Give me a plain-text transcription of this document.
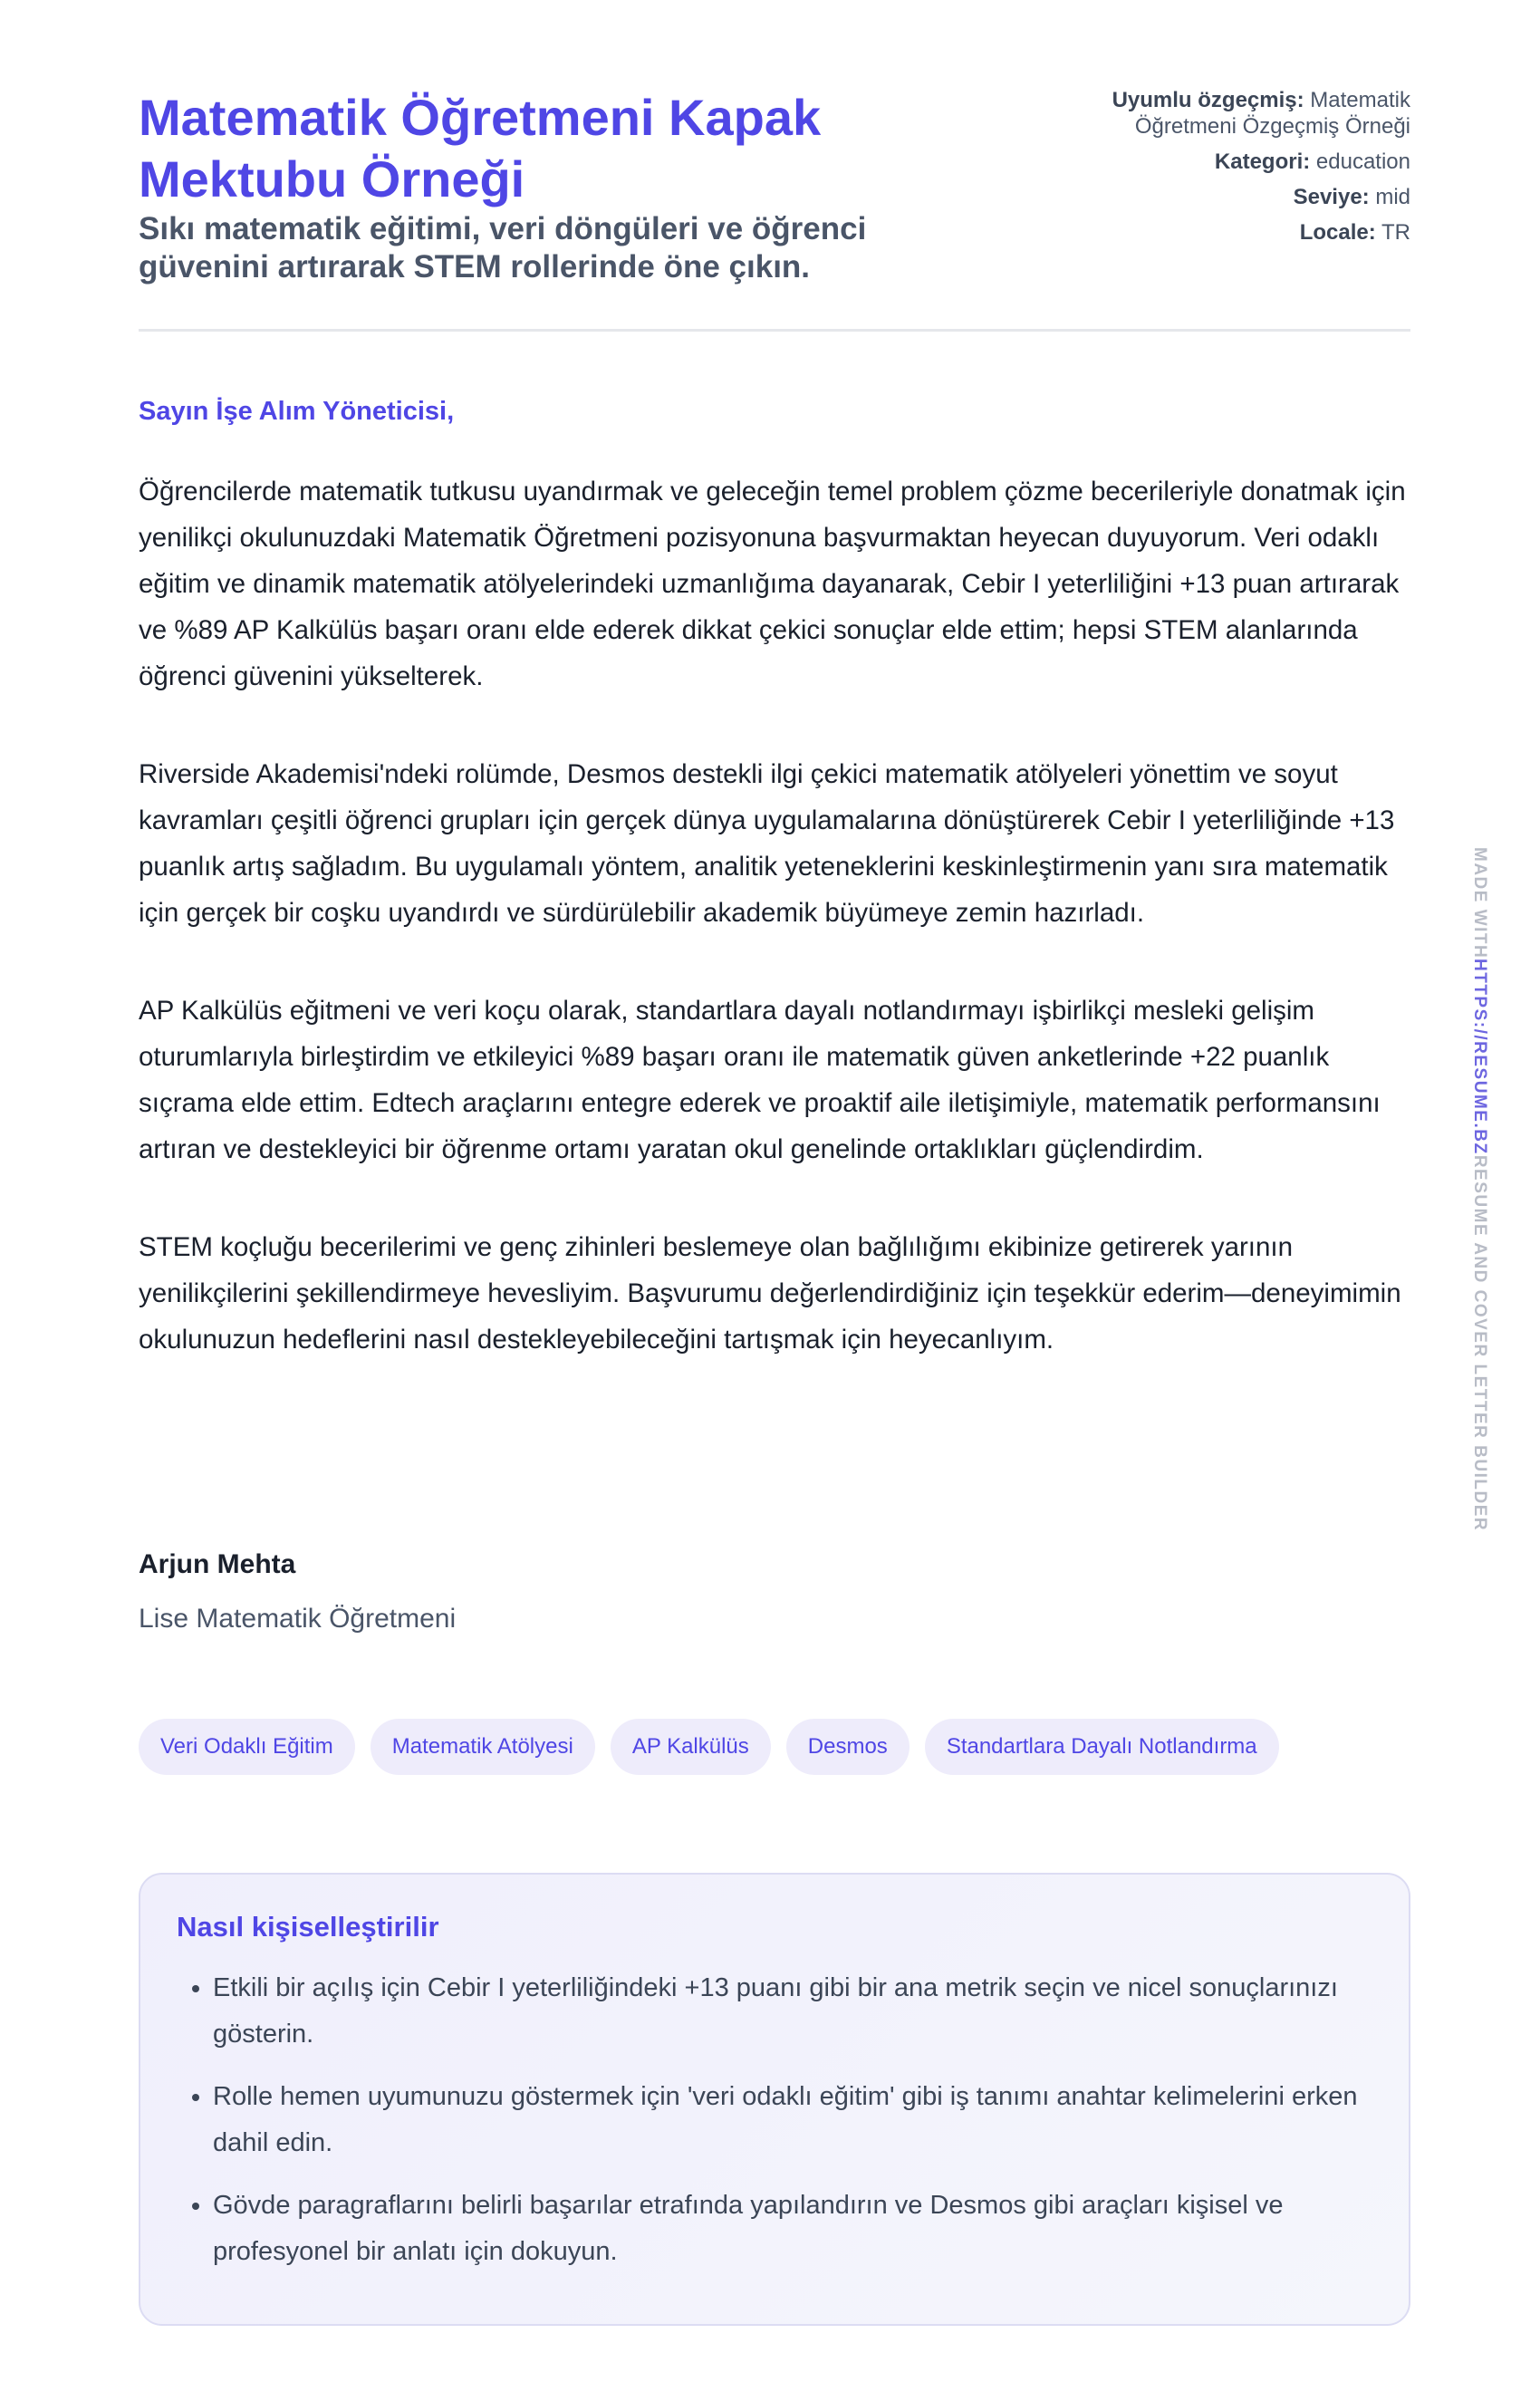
Matematik Öğretmeni Kapak Mektubu Örneği
Sıkı matematik eğitimi, veri döngüleri ve öğrenci güvenini artırarak STEM rollerinde öne çıkın.
Uyumlu özgeçmiş: Matematik Öğretmeni Özgeçmiş Örneği
Kategori: education
Seviye: mid
Locale: TR
Sayın İşe Alım Yöneticisi,

Öğrencilerde matematik tutkusu uyandırmak ve geleceğin temel problem çözme becerileriyle donatmak için yenilikçi okulunuzdaki Matematik Öğretmeni pozisyonuna başvurmaktan heyecan duyuyorum. Veri odaklı eğitim ve dinamik matematik atölyelerindeki uzmanlığıma dayanarak, Cebir I yeterliliğini +13 puan artırarak ve %89 AP Kalkülüs başarı oranı elde ederek dikkat çekici sonuçlar elde ettim; hepsi STEM alanlarında öğrenci güvenini yükselterek.

Riverside Akademisi'ndeki rolümde, Desmos destekli ilgi çekici matematik atölyeleri yönettim ve soyut kavramları çeşitli öğrenci grupları için gerçek dünya uygulamalarına dönüştürerek Cebir I yeterliliğinde +13 puanlık artış sağladım. Bu uygulamalı yöntem, analitik yeteneklerini keskinleştirmenin yanı sıra matematik için gerçek bir coşku uyandırdı ve sürdürülebilir akademik büyümeye zemin hazırladı.

AP Kalkülüs eğitmeni ve veri koçu olarak, standartlara dayalı notlandırmayı işbirlikçi mesleki gelişim oturumlarıyla birleştirdim ve etkileyici %89 başarı oranı ile matematik güven anketlerinde +22 puanlık sıçrama elde ettim. Edtech araçlarını entegre ederek ve proaktif aile iletişimiyle, matematik performansını artıran ve destekleyici bir öğrenme ortamı yaratan okul genelinde ortaklıkları güçlendirdim.

STEM koçluğu becerilerimi ve genç zihinleri beslemeye olan bağlılığımı ekibinize getirerek yarının yenilikçilerini şekillendirmeye hevesliyim. Başvurumu değerlendirdiğiniz için teşekkür ederim—deneyimimin okulunuzun hedeflerini nasıl destekleyebileceğini tartışmak için heyecanlıyım.

Arjun Mehta
Lise Matematik Öğretmeni
Veri Odaklı Eğitim	Matematik Atölyesi	AP Kalkülüs	Desmos	Standartlara Dayalı Notlandırma
Nasıl kişiselleştirilir
• Etkili bir açılış için Cebir I yeterliliğindeki +13 puanı gibi bir ana metrik seçin ve nicel sonuçlarınızı gösterin.
• Rolle hemen uyumunuzu göstermek için 'veri odaklı eğitim' gibi iş tanımı anahtar kelimelerini erken dahil edin.
• Gövde paragraflarını belirli başarılar etrafında yapılandırın ve Desmos gibi araçları kişisel ve profesyonel bir anlatı için dokuyun.
MADE WITHHTTPS://RESUME.BZRESUME AND COVER LETTER BUILDER
